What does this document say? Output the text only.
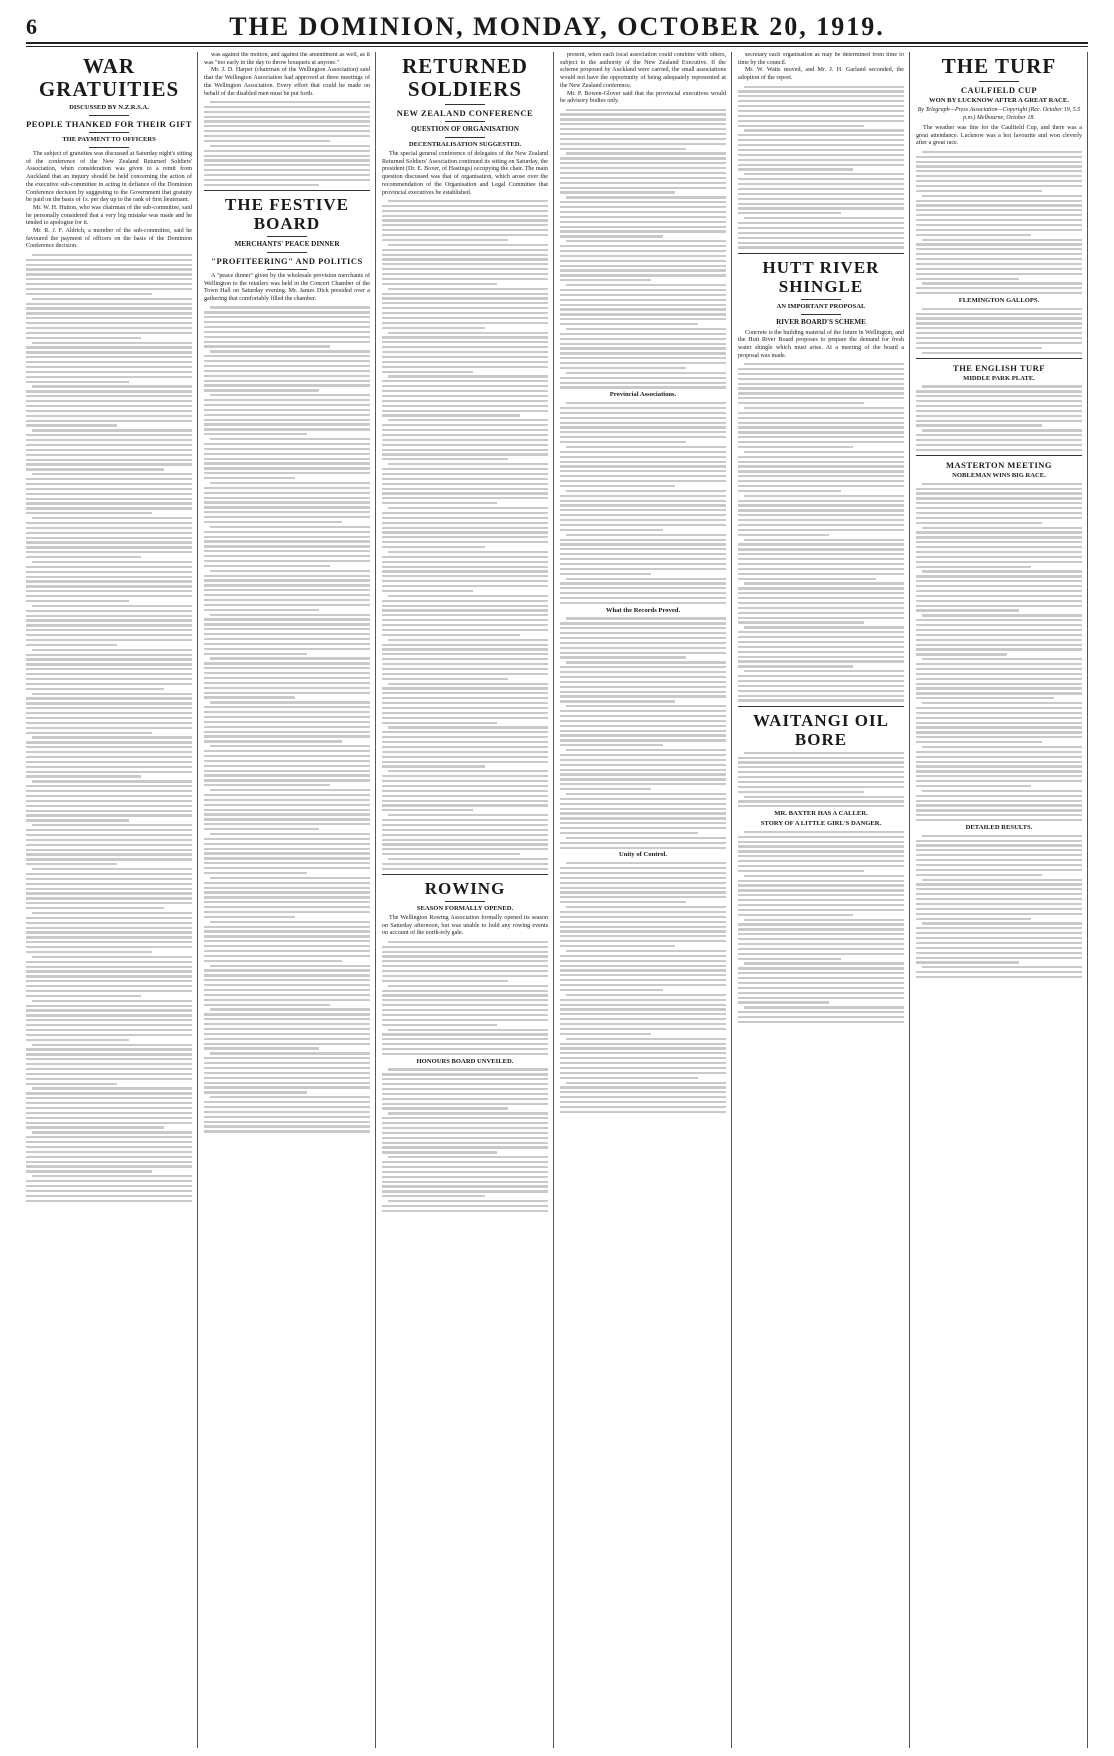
6	THE DOMINION, MONDAY, OCTOBER 20, 1919.
WAR GRATUITIES
DISCUSSED BY N.Z.R.S.A.
PEOPLE THANKED FOR THEIR GIFT
THE PAYMENT TO OFFICERS

The subject of gratuities was discussed at Saturday night's sitting of the conference of the New Zealand Returned Soldiers' Association, when consideration was given to a remit from Auckland that an inquiry should be held concerning the action of the executive sub-committee in acting in defiance of the Dominion Conference decision by suggesting to the Government that gratuity be paid on the basis of 1s. per day up to the rank of first lieutenant.

Mr. W. H. Hutton, who was chairman of the sub-committee, said he personally considered that a very big mistake was made and he tended to apologise for it.

Mr. R. J. F. Aldrich, a member of the sub-committee, said he favoured the payment of officers on the basis of the Dominion Conference decision.

was against the motion, and against the amendment as well, as it was "too early in the day to throw bouquets at anyone."

Mr. J. D. Harper (chairman of the Wellington Association) said that the Wellington Association had approved at three meetings of the Wellington Association. Every effort that could be made on behalf of the disabled men must be put forth.

THE FESTIVE BOARD
MERCHANTS' PEACE DINNER
"PROFITEERING" AND POLITICS

A "peace dinner" given by the wholesale provision merchants of Wellington to the retailers was held in the Concert Chamber of the Town Hall on Saturday evening. Mr. James Dick presided over a gathering that comfortably filled the chamber.

RETURNED SOLDIERS
NEW ZEALAND CONFERENCE
QUESTION OF ORGANISATION
DECENTRALISATION SUGGESTED.

The special general conference of delegates of the New Zealand Returned Soldiers' Association continued its sitting on Saturday, the president (Dr. E. Boxer, of Hastings) occupying the chair. The main question discussed was that of organisation, which arose over the recommendation of the Organisation and Legal Committee that provincial executives be established.

ROWING
SEASON FORMALLY OPENED.

The Wellington Rowing Association formally opened its season on Saturday afternoon, but was unable to hold any rowing events on account of the north-erly gale.

HONOURS BOARD UNVEILED.

present, when each local association could combine with others, subject to the authority of the New Zealand Executive. If the scheme proposed by Auckland were carried, the small associations would not have the opportunity of being adequately represented at the New Zealand conference.

Mr. P. Bowen-Glover said that the provincial executives would be advisory bodies only.

Provincial Associations.
What the Records Proved.
Unity of Control.

secretary each organisation as may be determined from time to time by the council.

Mr. W. Watts moved, and Mr. J. H. Garland seconded, the adoption of the report.

HUTT RIVER SHINGLE
AN IMPORTANT PROPOSAL
RIVER BOARD'S SCHEME

Concrete is the building material of the future in Wellington, and the Hutt River Board proposes to prepare the demand for fresh water shingle which must arise. At a meeting of the board a proposal was made.

WAITANGI OIL BORE
MR. BAXTER HAS A CALLER.
STORY OF A LITTLE GIRL'S DANGER.
THE TURF
CAULFIELD CUP
WON BY LUCKNOW AFTER A GREAT RACE.
By Telegraph—Press Association—Copyright (Rec. October 19, 5.5 p.m.) Melbourne, October 18.

The weather was fine for the Caulfield Cup, and there was a great attendance. Lucknow was a hot favourite and won cleverly after a great race.

FLEMINGTON GALLOPS.
THE ENGLISH TURF
MIDDLE PARK PLATE.
MASTERTON MEETING
NOBLEMAN WINS BIG RACE.
DETAILED RESULTS.
